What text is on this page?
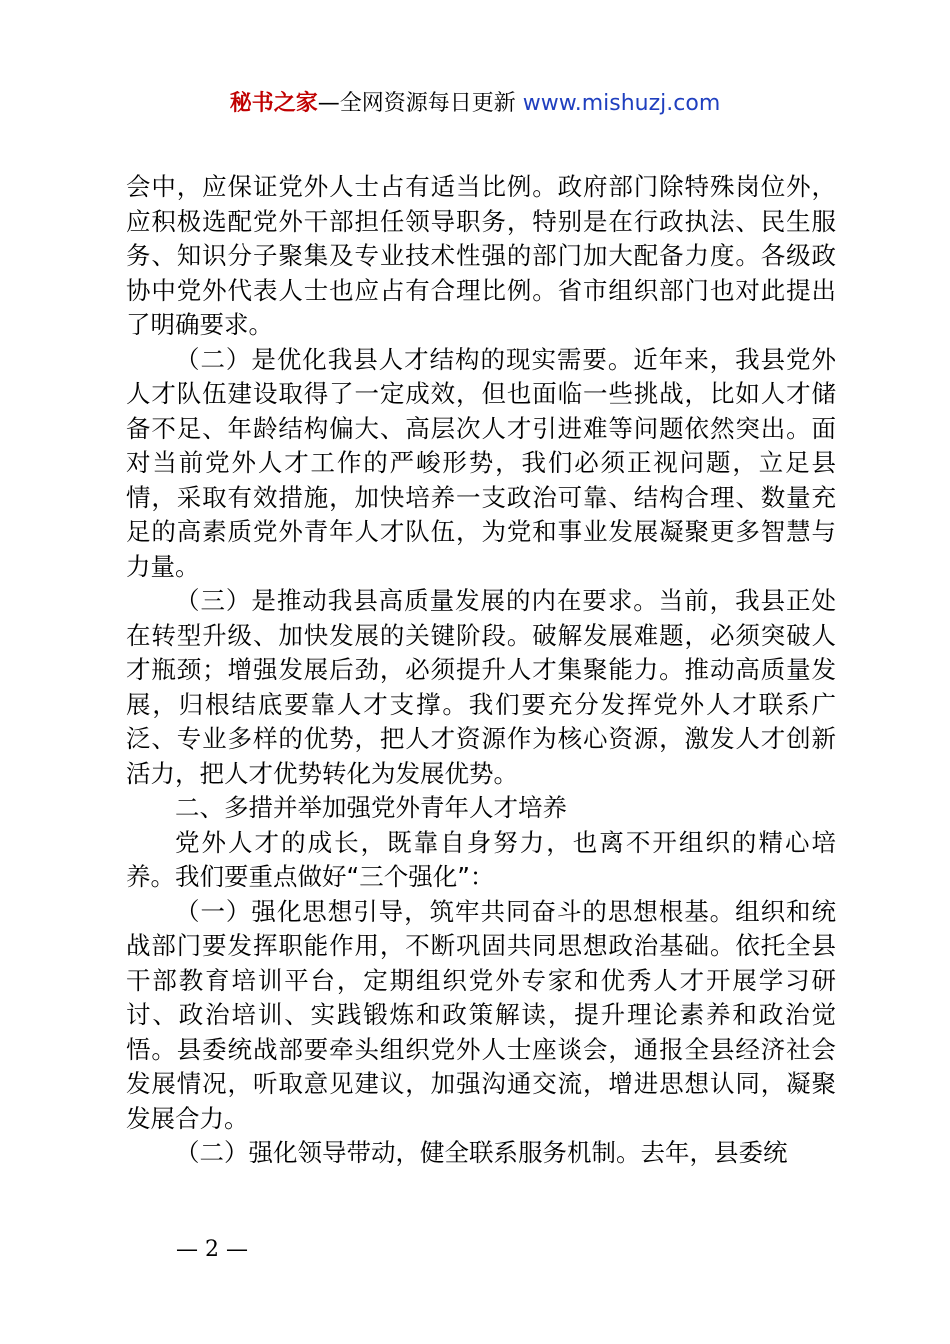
秘书之家—全网资源每日更新 www.mishuzj.com

会中，应保证党外人士占有适当比例。政府部门除特殊岗位外，应积极选配党外干部担任领导职务，特别是在行政执法、民生服务、知识分子聚集及专业技术性强的部门加大配备力度。各级政协中党外代表人士也应占有合理比例。省市组织部门也对此提出了明确要求。

（二）是优化我县人才结构的现实需要。近年来，我县党外人才队伍建设取得了一定成效，但也面临一些挑战，比如人才储备不足、年龄结构偏大、高层次人才引进难等问题依然突出。面对当前党外人才工作的严峻形势，我们必须正视问题，立足县情，采取有效措施，加快培养一支政治可靠、结构合理、数量充足的高素质党外青年人才队伍，为党和事业发展凝聚更多智慧与力量。

（三）是推动我县高质量发展的内在要求。当前，我县正处在转型升级、加快发展的关键阶段。破解发展难题，必须突破人才瓶颈；增强发展后劲，必须提升人才集聚能力。推动高质量发展，归根结底要靠人才支撑。我们要充分发挥党外人才联系广泛、专业多样的优势，把人才资源作为核心资源，激发人才创新活力，把人才优势转化为发展优势。

二、多措并举加强党外青年人才培养

党外人才的成长，既靠自身努力，也离不开组织的精心培养。我们要重点做好“三个强化”：

（一）强化思想引导，筑牢共同奋斗的思想根基。组织和统战部门要发挥职能作用，不断巩固共同思想政治基础。依托全县干部教育培训平台，定期组织党外专家和优秀人才开展学习研讨、政治培训、实践锻炼和政策解读，提升理论素养和政治觉悟。县委统战部要牵头组织党外人士座谈会，通报全县经济社会发展情况，听取意见建议，加强沟通交流，增进思想认同，凝聚发展合力。

（二）强化领导带动，健全联系服务机制。去年，县委统

— 2 —
